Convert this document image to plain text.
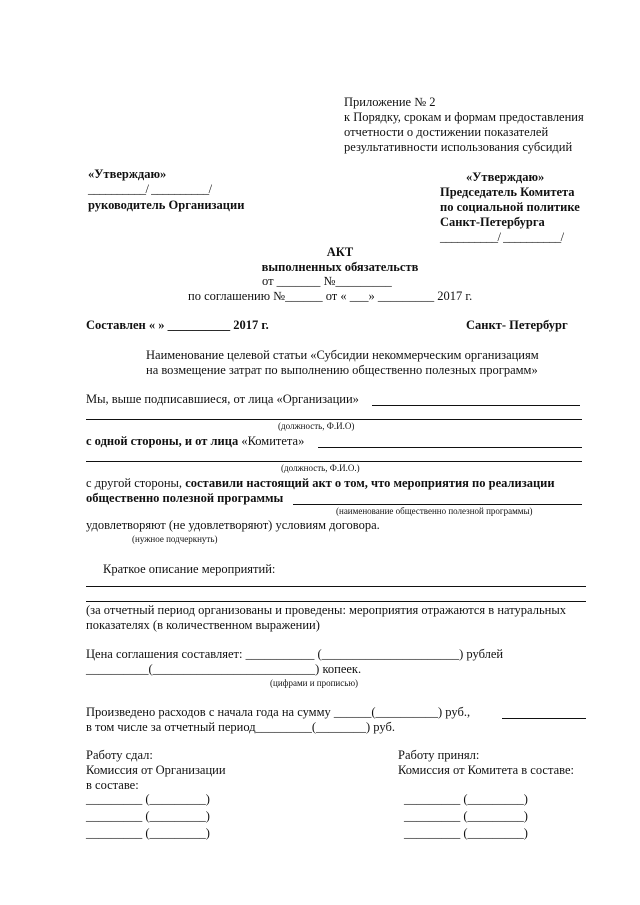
Приложение № 2
к Порядку, срокам и формам предоставления
отчетности о достижении показателей
результативности использования субсидий
«Утверждаю»
__________/ __________/
руководитель Организации
«Утверждаю»
Председатель Комитета
по социальной политике
Санкт-Петербурга
__________/ __________/
АКТ
выполненных обязательств
от _______ №_________
по соглашению №______ от « ___» _________ 2017 г.
Составлен « » __________ 2017 г.	Санкт- Петербург
Наименование целевой статьи «Субсидии некоммерческим организациям
на возмещение затрат по выполнению общественно полезных программ»
Мы, выше подписавшиеся, от лица «Организации»
(должность, Ф.И.О)
с одной стороны, и от лица «Комитета»
(должность, Ф.И.О.)
с другой стороны, составили настоящий акт о том, что мероприятия по реализации
общественно полезной программы
(наименование общественно полезной программы)
удовлетворяют (не удовлетворяют) условиям договора.
(нужное подчеркнуть)
Краткое описание мероприятий:
(за отчетный период организованы и проведены: мероприятия отражаются в натуральных
показателях (в количественном выражении)
Цена соглашения составляет: ___________ (______________________) рублей
__________(__________________________) копеек.
(цифрами и прописью)
Произведено расходов с начала года на сумму ______(__________) руб.,
в том числе за отчетный период_________(________) руб.
Работу сдал:
Комиссия от Организации
в составе:
_________ (_________)
_________ (_________)
_________ (_________)
Работу принял:
Комиссия от Комитета в составе:
_________ (_________)
_________ (_________)
_________ (_________)
